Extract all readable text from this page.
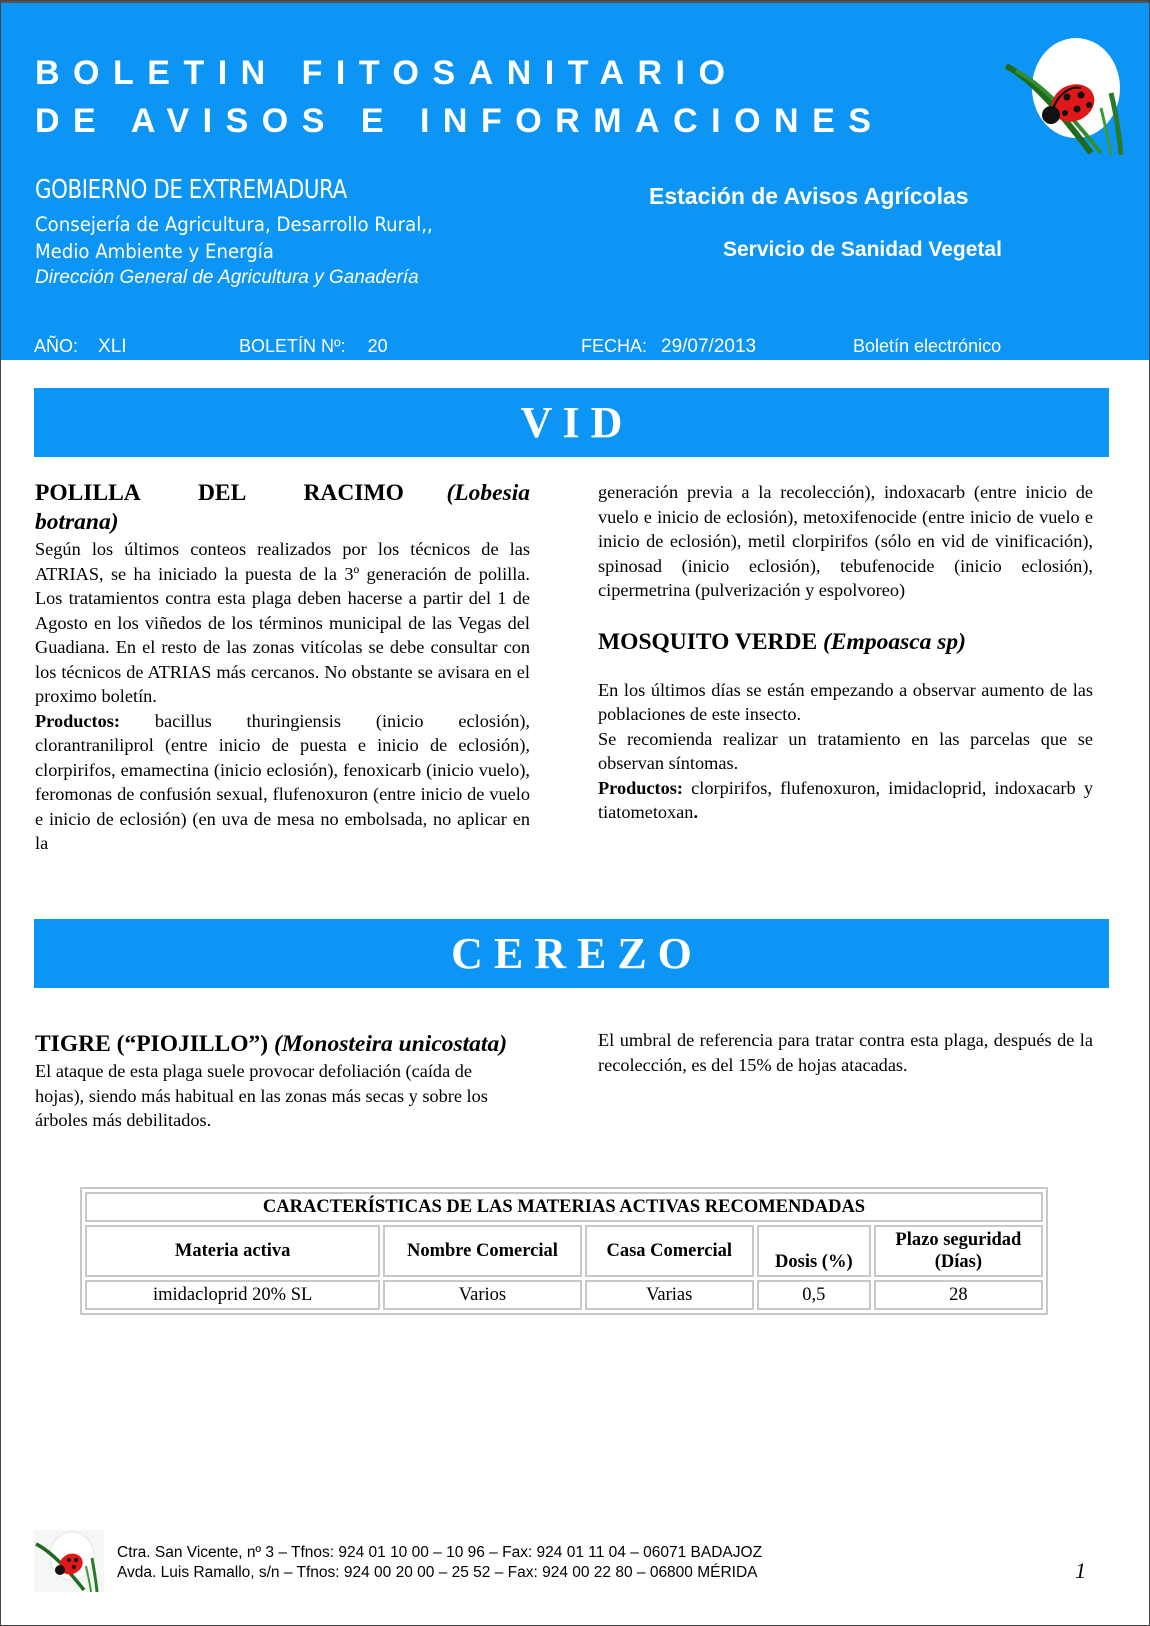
BOLETIN FITOSANITARIO
DE AVISOS E INFORMACIONES
GOBIERNO DE EXTREMADURA
Consejería de Agricultura, Desarrollo Rural,,
Medio Ambiente y Energía
Dirección General de Agricultura y Ganadería
Estación de Avisos Agrícolas
Servicio de Sanidad Vegetal
AÑO: XLI	BOLETÍN Nº: 20	FECHA: 29/07/2013	Boletín electrónico
V I D
POLILLA DEL RACIMO (Lobesia botrana)

Según los últimos conteos realizados por los técnicos de las ATRIAS, se ha iniciado la puesta de la 3º generación de polilla. Los tratamientos contra esta plaga deben hacerse a partir del 1 de Agosto en los viñedos de los términos municipal de las Vegas del Guadiana. En el resto de las zonas vitícolas se debe consultar con los técnicos de ATRIAS más cercanos. No obstante se avisara en el proximo boletín.

Productos: bacillus thuringiensis (inicio eclosión), clorantraniliprol (entre inicio de puesta e inicio de eclosión), clorpirifos, emamectina (inicio eclosión), fenoxicarb (inicio vuelo), feromonas de confusión sexual, flufenoxuron (entre inicio de vuelo e inicio de eclosión) (en uva de mesa no embolsada, no aplicar en la

generación previa a la recolección), indoxacarb (entre inicio de vuelo e inicio de eclosión), metoxifenocide (entre inicio de vuelo e inicio de eclosión), metil clorpirifos (sólo en vid de vinificación), spinosad (inicio eclosión), tebufenocide (inicio eclosión), cipermetrina (pulverización y espolvoreo)

MOSQUITO VERDE (Empoasca sp)

En los últimos días se están empezando a observar aumento de las poblaciones de este insecto.

Se recomienda realizar un tratamiento en las parcelas que se observan síntomas.

Productos: clorpirifos, flufenoxuron, imidacloprid, indoxacarb y tiatometoxan.

C E R E Z O
TIGRE (“PIOJILLO”) (Monosteira unicostata)

El ataque de esta plaga suele provocar defoliación (caída de hojas), siendo más habitual en las zonas más secas y sobre los árboles más debilitados.

El umbral de referencia para tratar contra esta plaga, después de la recolección, es del 15% de hojas atacadas.

CARACTERÍSTICAS DE LAS MATERIAS ACTIVAS RECOMENDADAS				
Materia activa	Nombre Comercial	Casa Comercial	Dosis (%)	Plazo seguridad (Días)
imidacloprid 20% SL	Varios	Varias	0,5	28
Ctra. San Vicente, nº 3 – Tfnos: 924 01 10 00 – 10 96 – Fax: 924 01 11 04 – 06071 BADAJOZ
Avda. Luis Ramallo, s/n – Tfnos: 924 00 20 00 – 25 52 – Fax: 924 00 22 80 – 06800 MÉRIDA	1
